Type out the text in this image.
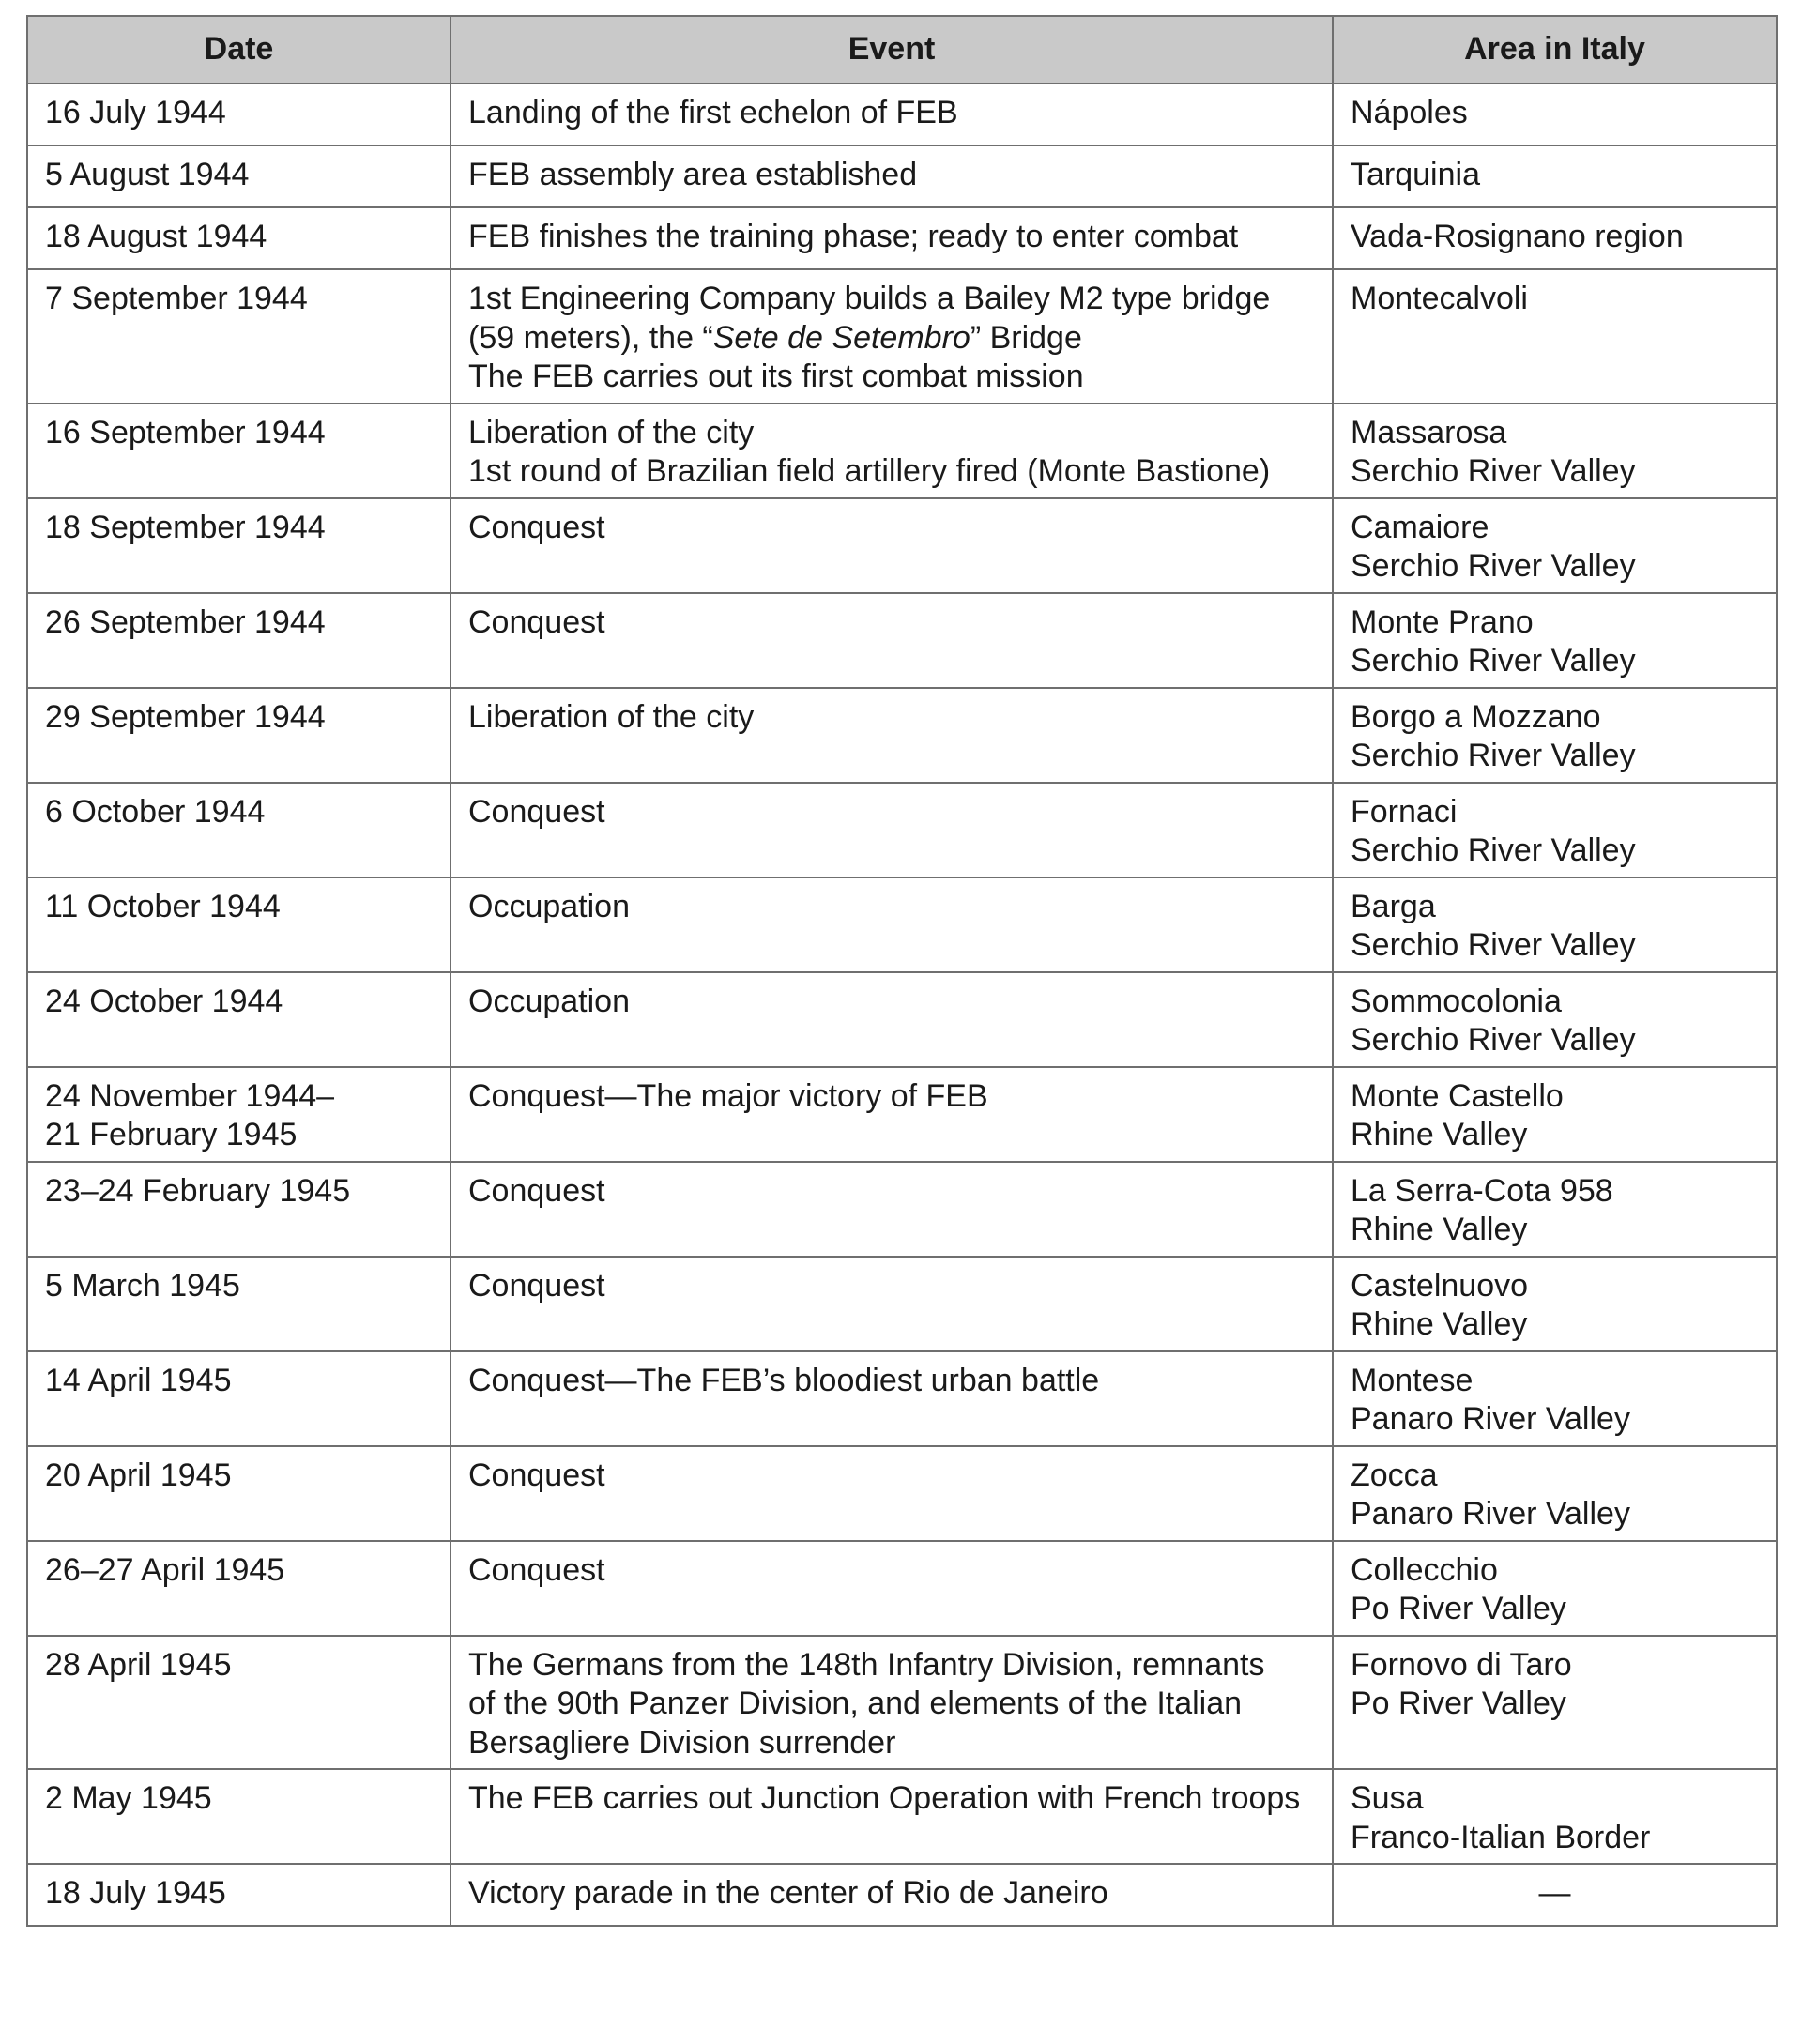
Date	Event	Area in Italy

16 July 1944	Landing of the first echelon of FEB	Nápoles

5 August 1944	FEB assembly area established	Tarquinia

18 August 1944	FEB finishes the training phase; ready to enter combat	Vada-Rosignano region

7 September 1944	1st Engineering Company builds a Bailey M2 type bridge
(59 meters), the “Sete de Setembro” Bridge
The FEB carries out its first combat mission	Montecalvoli

16 September 1944	Liberation of the city
1st round of Brazilian field artillery fired (Monte Bastione)	Massarosa
Serchio River Valley

18 September 1944	Conquest	Camaiore
Serchio River Valley

26 September 1944	Conquest	Monte Prano
Serchio River Valley

29 September 1944	Liberation of the city	Borgo a Mozzano
Serchio River Valley

6 October 1944	Conquest	Fornaci
Serchio River Valley

11 October 1944	Occupation	Barga
Serchio River Valley

24 October 1944	Occupation	Sommocolonia
Serchio River Valley

24 November 1944–
21 February 1945	Conquest—The major victory of FEB	Monte Castello
Rhine Valley

23–24 February 1945	Conquest	La Serra-Cota 958
Rhine Valley

5 March 1945	Conquest	Castelnuovo
Rhine Valley

14 April 1945	Conquest—The FEB’s bloodiest urban battle	Montese
Panaro River Valley

20 April 1945	Conquest	Zocca
Panaro River Valley

26–27 April 1945	Conquest	Collecchio
Po River Valley

28 April 1945	The Germans from the 148th Infantry Division, remnants
of the 90th Panzer Division, and elements of the Italian
Bersagliere Division surrender	Fornovo di Taro
Po River Valley

2 May 1945	The FEB carries out Junction Operation with French troops	Susa
Franco-Italian Border

18 July 1945	Victory parade in the center of Rio de Janeiro	—
